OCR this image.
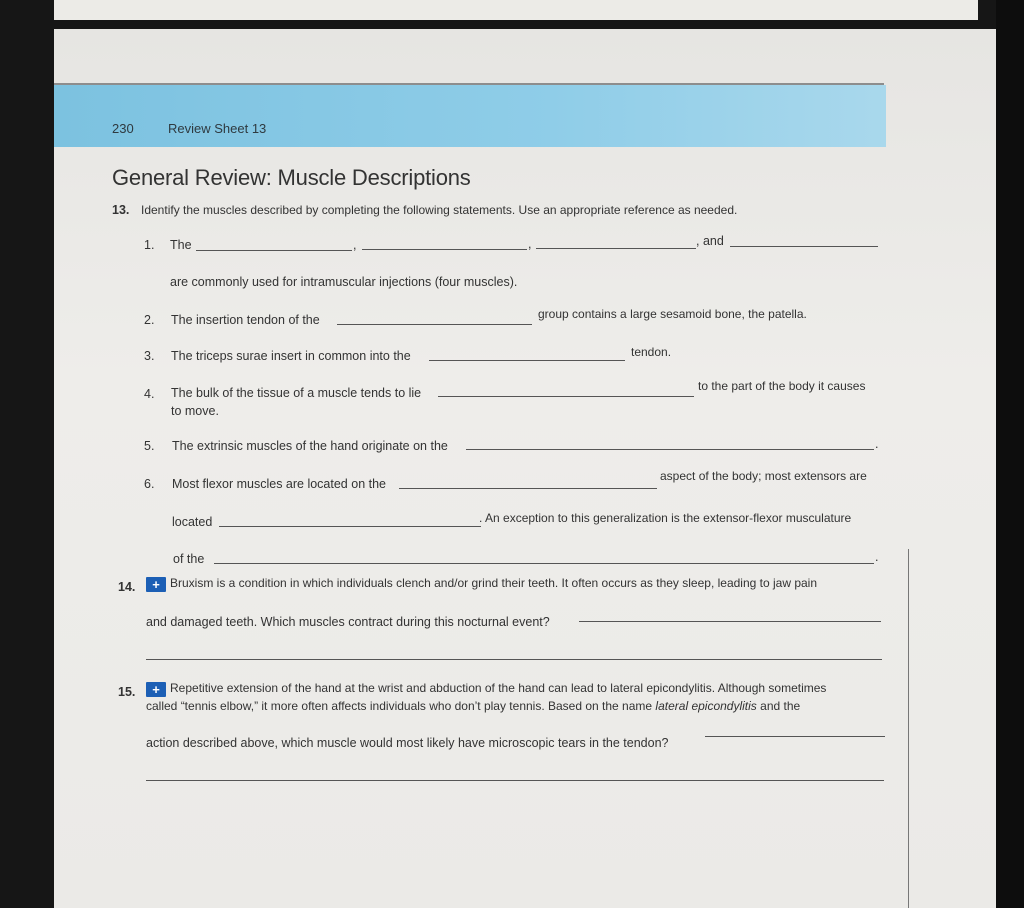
230	Review Sheet 13
General Review: Muscle Descriptions
13. Identify the muscles described by completing the following statements. Use an appropriate reference as needed.
1. The	,	,	, and
are commonly used for intramuscular injections (four muscles).
2. The insertion tendon of the	group contains a large sesamoid bone, the patella.
3. The triceps surae insert in common into the	tendon.
4. The bulk of the tissue of a muscle tends to lie	to the part of the body it causes
to move.
5. The extrinsic muscles of the hand originate on the	.
6. Most flexor muscles are located on the
aspect of the body; most extensors are
located	. An exception to this generalization is the extensor-flexor musculature
of the	.
14.	+ Bruxism is a condition in which individuals clench and/or grind their teeth. It often occurs as they sleep, leading to jaw pain
and damaged teeth. Which muscles contract during this nocturnal event?
15.	+ Repetitive extension of the hand at the wrist and abduction of the hand can lead to lateral epicondylitis. Although sometimes
called “tennis elbow,” it more often affects individuals who don’t play tennis. Based on the name lateral epicondylitis and the
action described above, which muscle would most likely have microscopic tears in the tendon?
